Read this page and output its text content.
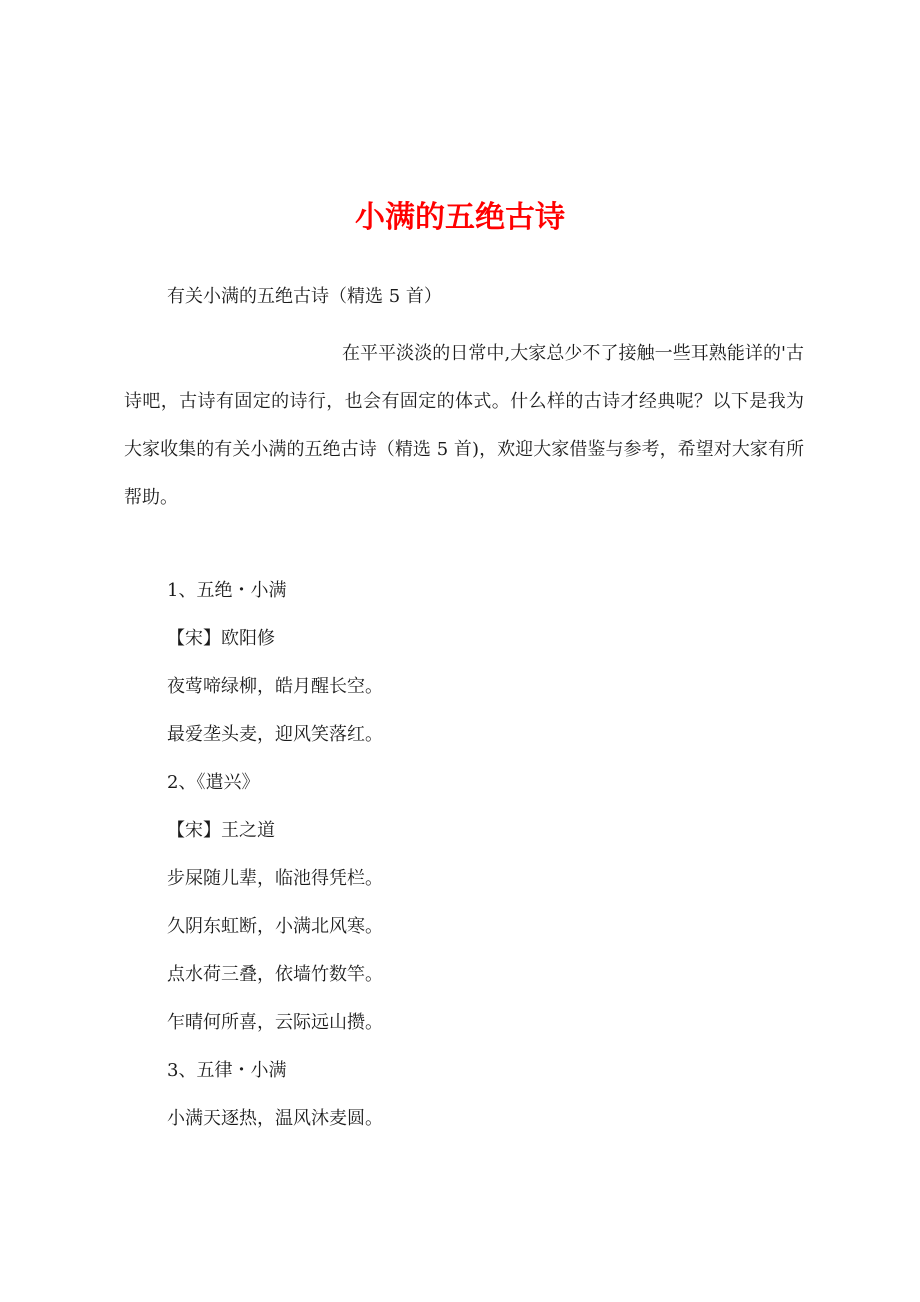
小满的五绝古诗

有关小满的五绝古诗（精选 5 首）

在平平淡淡的日常中,大家总少不了接触一些耳熟能详的'古诗吧，古诗有固定的诗行，也会有固定的体式。什么样的古诗才经典呢？以下是我为大家收集的有关小满的五绝古诗（精选 5 首)，欢迎大家借鉴与参考，希望对大家有所帮助。

1、五绝・小满
【宋】欧阳修
夜莺啼绿柳，皓月醒长空。
最爱垄头麦，迎风笑落红。
2、《遣兴》
【宋】王之道
步屎随儿辈，临池得凭栏。
久阴东虹断，小满北风寒。
点水荷三叠，依墙竹数竿。
乍晴何所喜，云际远山攒。
3、五律・小满
小满天逐热，温风沐麦圆。
